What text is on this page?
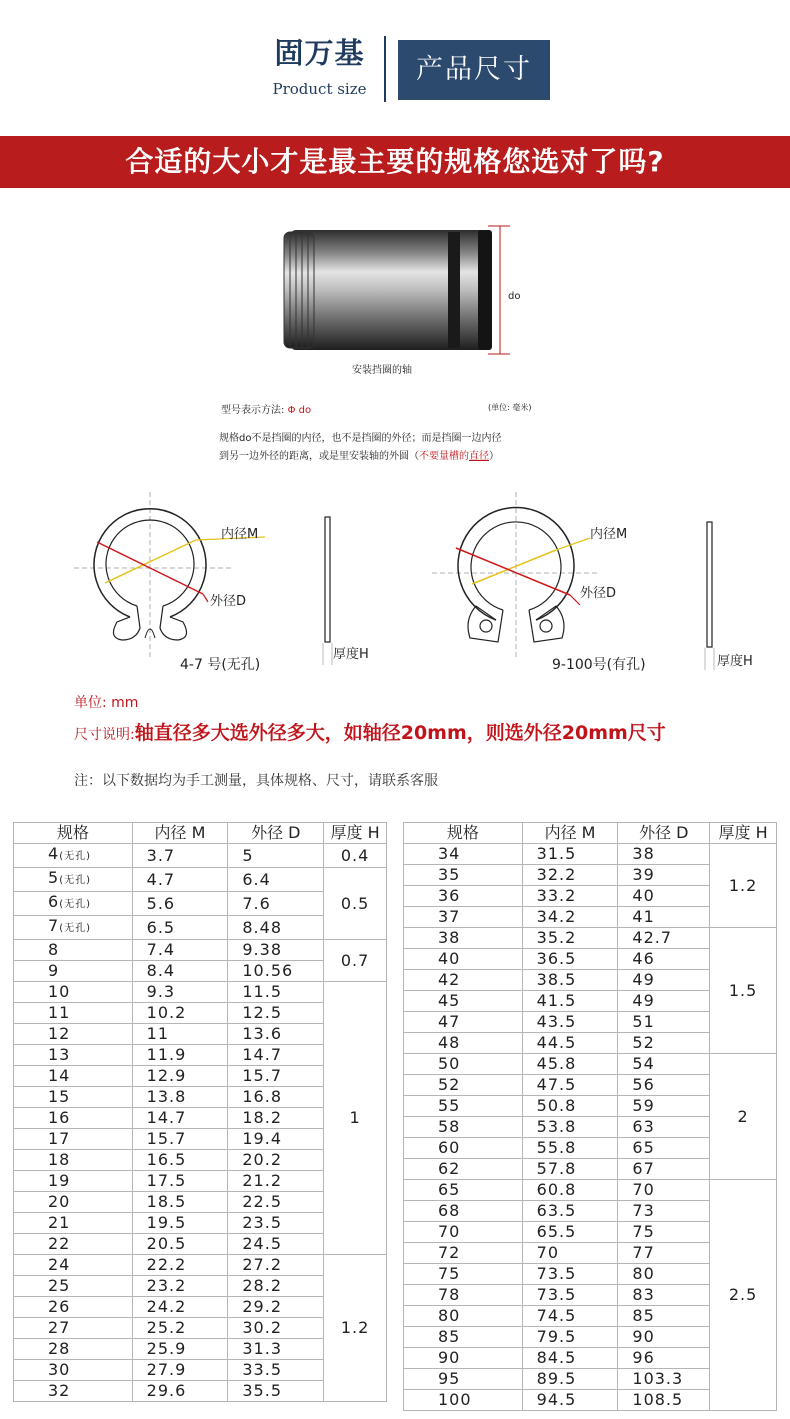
固万基
Product size
产品尺寸
合适的大小才是最主要的规格您选对了吗?
do
安装挡圈的轴
型号表示方法: Φ do	(单位: 毫米)
规格do不是挡圈的内径，也不是挡圈的外径；而是挡圈一边内径
到另一边外径的距离，或是里安装轴的外圆（不要量槽的直径）
内径M
外径D
厚度H
4-7 号(无孔)
内径M
外径D
厚度H
9-100号(有孔)
单位: mm
尺寸说明:轴直径多大选外径多大，如轴径20mm，则选外径20mm尺寸
注：以下数据均为手工测量，具体规格、尺寸，请联系客服
规格	内径 M	外径 D	厚度 H
4(无孔)	3.7	5	0.4
5(无孔)	4.7	6.4	0.5
6(无孔)	5.6	7.6	
7(无孔)	6.5	8.48	
8	7.4	9.38	0.7
9	8.4	10.56	
10	9.3	11.5	1
11	10.2	12.5	
12	11	13.6	
13	11.9	14.7	
14	12.9	15.7	
15	13.8	16.8	
16	14.7	18.2	
17	15.7	19.4	
18	16.5	20.2	
19	17.5	21.2	
20	18.5	22.5	
21	19.5	23.5	
22	20.5	24.5	
24	22.2	27.2	1.2
25	23.2	28.2	
26	24.2	29.2	
27	25.2	30.2	
28	25.9	31.3	
30	27.9	33.5	
32	29.6	35.5	
规格	内径 M	外径 D	厚度 H
34	31.5	38	1.2
35	32.2	39	
36	33.2	40	
37	34.2	41	
38	35.2	42.7	1.5
40	36.5	46	
42	38.5	49	
45	41.5	49	
47	43.5	51	
48	44.5	52	
50	45.8	54	2
52	47.5	56	
55	50.8	59	
58	53.8	63	
60	55.8	65	
62	57.8	67	
65	60.8	70	2.5
68	63.5	73	
70	65.5	75	
72	70	77	
75	73.5	80	
78	73.5	83	
80	74.5	85	
85	79.5	90	
90	84.5	96	
95	89.5	103.3	
100	94.5	108.5	
